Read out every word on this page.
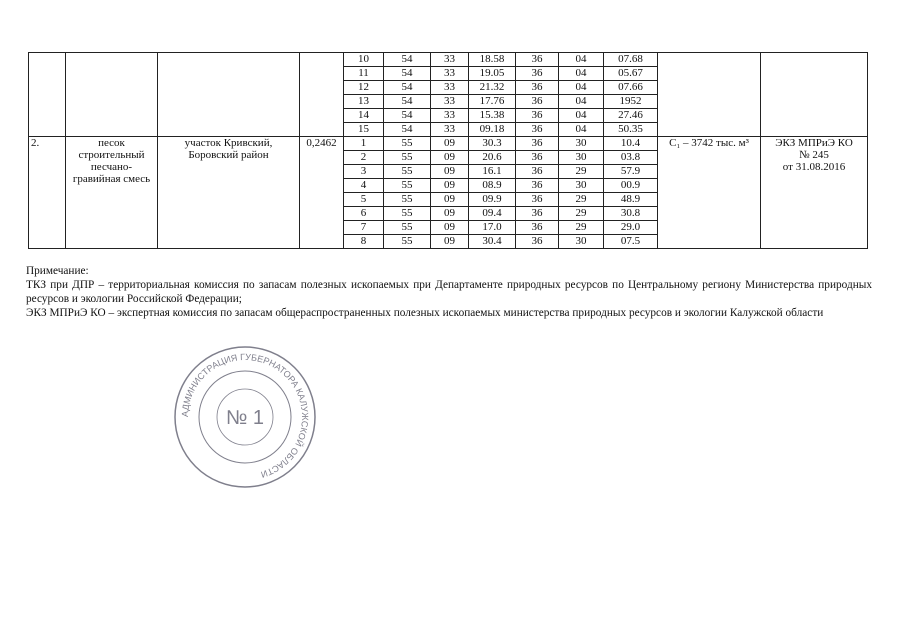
				10	54	33	18.58	36	04	07.68		
				11	54	33	19.05	36	04	05.67		
				12	54	33	21.32	36	04	07.66		
				13	54	33	17.76	36	04	1952		
				14	54	33	15.38	36	04	27.46		
				15	54	33	09.18	36	04	50.35		
2.	песок строительный песчано-гравийная смесь	участок Кривский, Боровский район	0,2462	1	55	09	30.3	36	30	10.4	C₁ – 3742 тыс. м³	ЭКЗ МПРиЭ КО
№ 245
от 31.08.2016

				2	55	09	20.6	36	30	03.8		
				3	55	09	16.1	36	29	57.9		
				4	55	09	08.9	36	30	00.9		
				5	55	09	09.9	36	29	48.9		
				6	55	09	09.4	36	29	30.8		
				7	55	09	17.0	36	29	29.0		
				8	55	09	30.4	36	30	07.5		

Примечание:

ТКЗ при ДПР – территориальная комиссия по запасам полезных ископаемых при Департаменте природных ресурсов по Центральному региону Министерства природных ресурсов и экологии Российской Федерации;

ЭКЗ МПРиЭ КО – экспертная комиссия по запасам общераспространенных полезных ископаемых министерства природных ресурсов и экологии Калужской области

АДМИНИСТРАЦИЯ ГУБЕРНАТОРА КАЛУЖСКОЙ ОБЛАСТИ
№ 1
